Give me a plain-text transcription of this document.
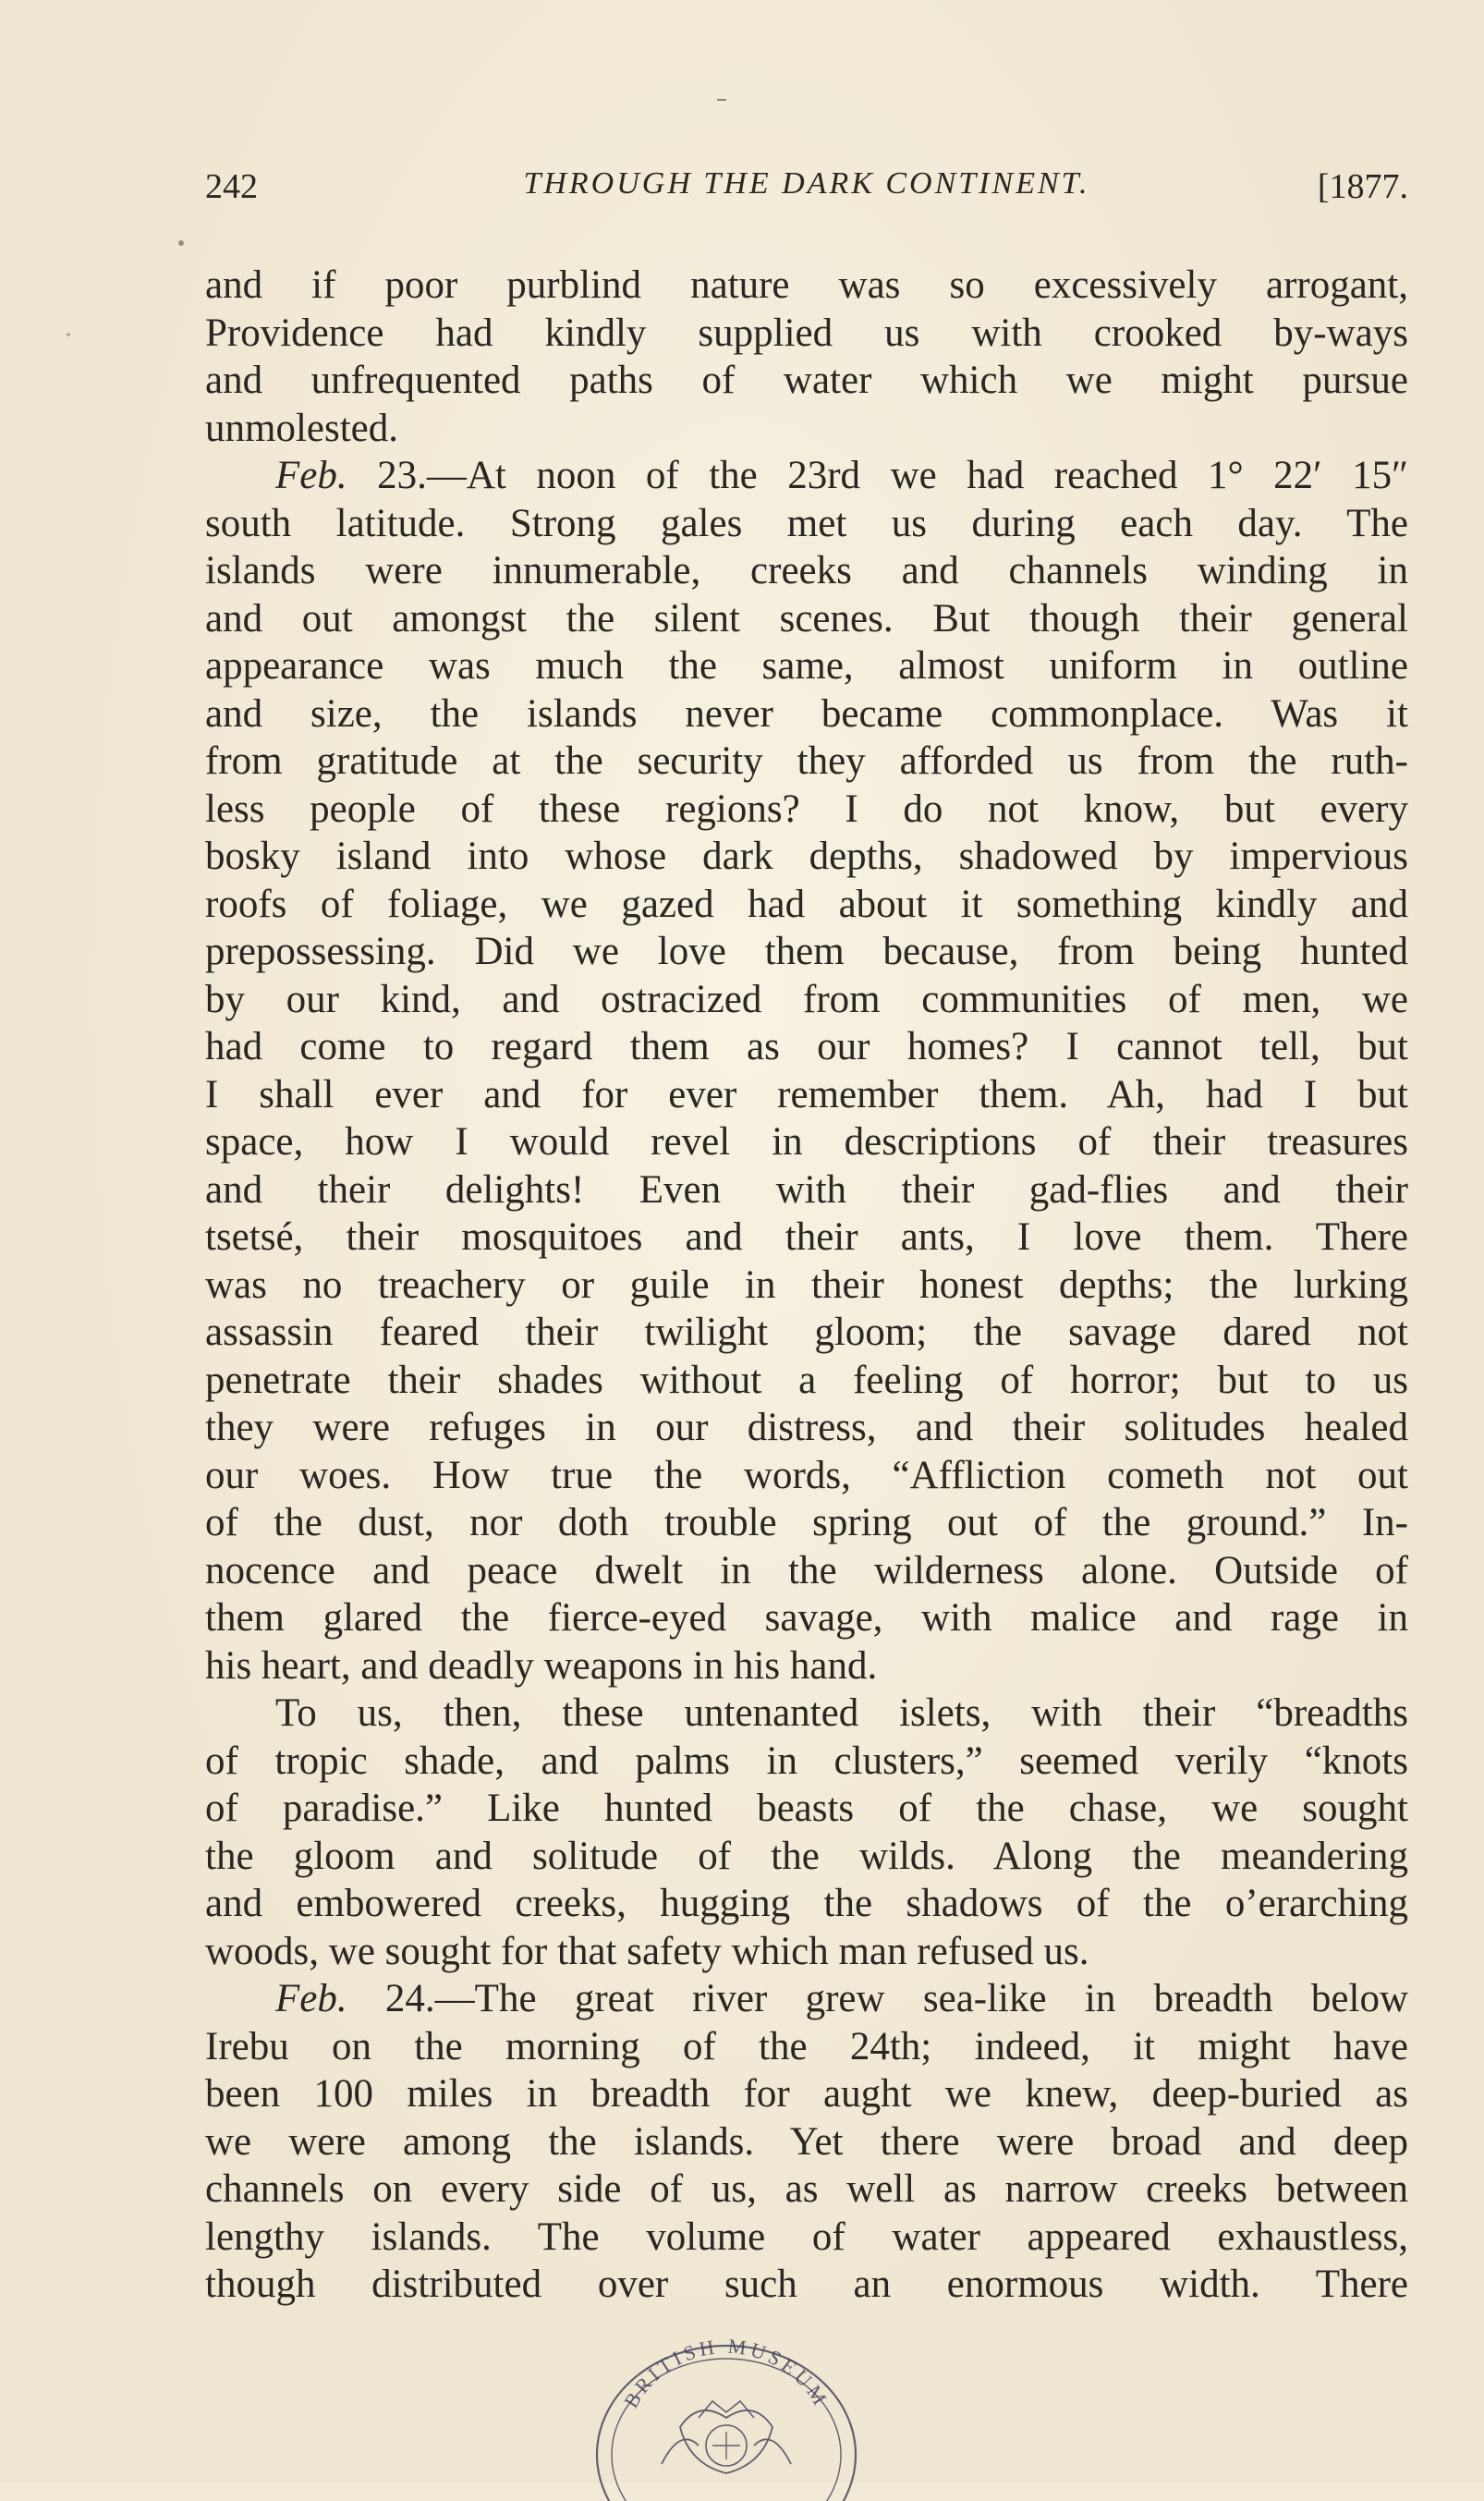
242	THROUGH THE DARK CONTINENT.	[1877.
and if poor purblind nature was so excessively arrogant,
Providence had kindly supplied us with crooked by-ways
and unfrequented paths of water which we might pursue
unmolested.
Feb. 23.—At noon of the 23rd we had reached 1° 22′ 15″
south latitude. Strong gales met us during each day. The
islands were innumerable, creeks and channels winding in
and out amongst the silent scenes. But though their general
appearance was much the same, almost uniform in outline
and size, the islands never became commonplace. Was it
from gratitude at the security they afforded us from the ruth-
less people of these regions? I do not know, but every
bosky island into whose dark depths, shadowed by impervious
roofs of foliage, we gazed had about it something kindly and
prepossessing. Did we love them because, from being hunted
by our kind, and ostracized from communities of men, we
had come to regard them as our homes? I cannot tell, but
I shall ever and for ever remember them. Ah, had I but
space, how I would revel in descriptions of their treasures
and their delights! Even with their gad-flies and their
tsetsé, their mosquitoes and their ants, I love them. There
was no treachery or guile in their honest depths; the lurking
assassin feared their twilight gloom; the savage dared not
penetrate their shades without a feeling of horror; but to us
they were refuges in our distress, and their solitudes healed
our woes. How true the words, “Affliction cometh not out
of the dust, nor doth trouble spring out of the ground.” In-
nocence and peace dwelt in the wilderness alone. Outside of
them glared the fierce-eyed savage, with malice and rage in
his heart, and deadly weapons in his hand.
To us, then, these untenanted islets, with their “breadths
of tropic shade, and palms in clusters,” seemed verily “knots
of paradise.” Like hunted beasts of the chase, we sought
the gloom and solitude of the wilds. Along the meandering
and embowered creeks, hugging the shadows of the o’erarching
woods, we sought for that safety which man refused us.
Feb. 24.—The great river grew sea-like in breadth below
Irebu on the morning of the 24th; indeed, it might have
been 100 miles in breadth for aught we knew, deep-buried as
we were among the islands. Yet there were broad and deep
channels on every side of us, as well as narrow creeks between
lengthy islands. The volume of water appeared exhaustless,
though distributed over such an enormous width. There
BRITISH MUSEUM
